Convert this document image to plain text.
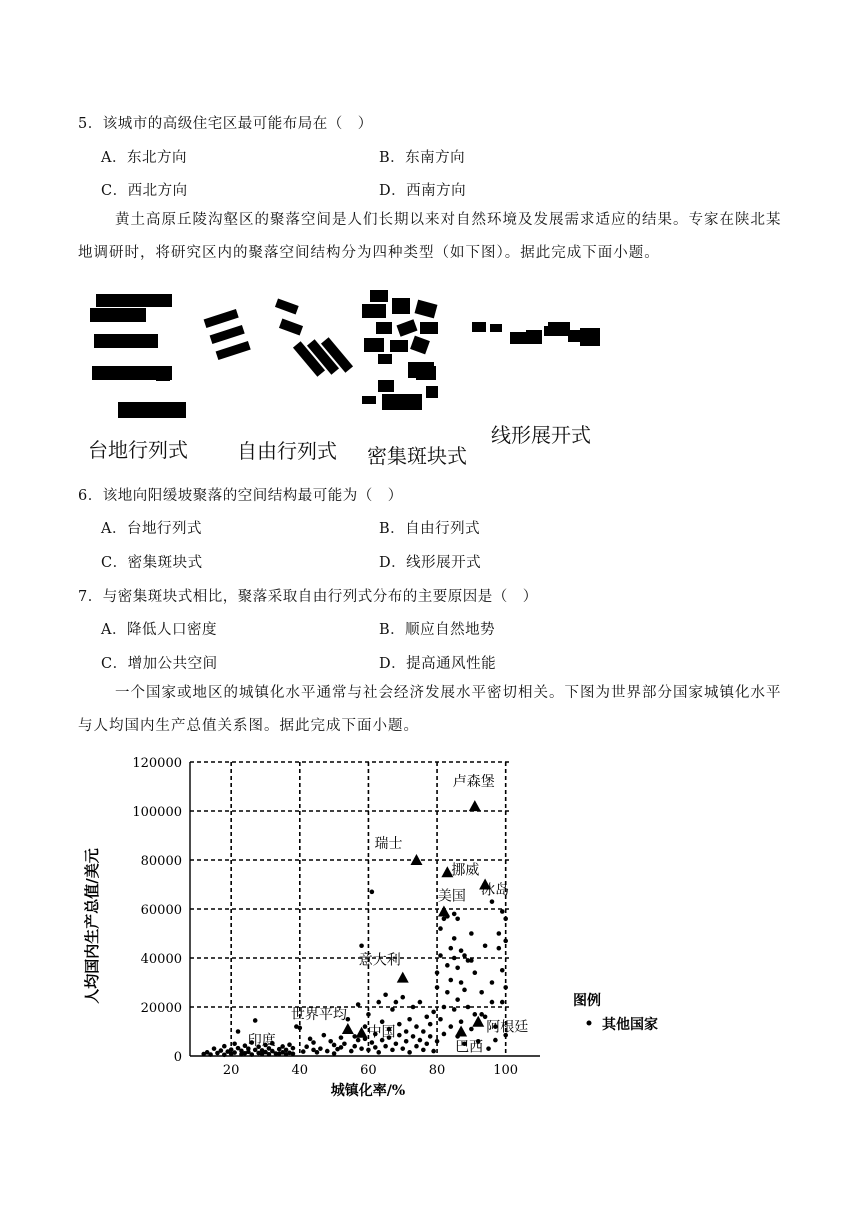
5．该城市的高级住宅区最可能布局在（　）
A．东北方向	B．东南方向
C．西北方向	D．西南方向
黄土高原丘陵沟壑区的聚落空间是人们长期以来对自然环境及发展需求适应的结果。专家在陕北某地调研时，将研究区内的聚落空间结构分为四种类型（如下图）。据此完成下面小题。
台地行列式 自由行列式 密集斑块式
线形展开式
6．该地向阳缓坡聚落的空间结构最可能为（　）
A．台地行列式	B．自由行列式
C．密集斑块式	D．线形展开式
7．与密集斑块式相比，聚落采取自由行列式分布的主要原因是（　）
A．降低人口密度	B．顺应自然地势
C．增加公共空间	D．提高通风性能
一个国家或地区的城镇化水平通常与社会经济发展水平密切相关。下图为世界部分国家城镇化水平与人均国内生产总值关系图。据此完成下面小题。
20	40	60	80	100
0
20000
40000
60000
80000
100000
120000
卢森堡
瑞士
挪威
冰岛
美国
意大利
世界平均
中国	阿根廷
巴西
印度
人均国内生产总值/美元
城镇化率/%
图例
其他国家
